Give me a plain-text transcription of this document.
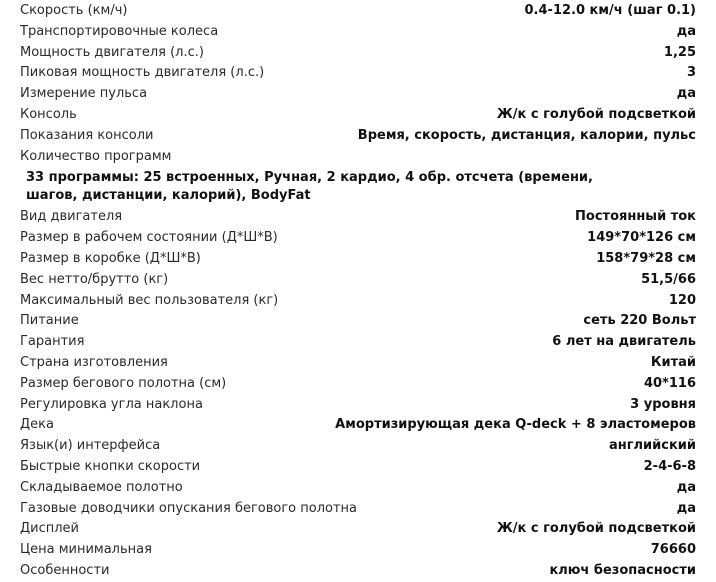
Скорость (км/ч)	0.4-12.0 км/ч (шаг 0.1)
Транспортировочные колеса	да
Мощность двигателя (л.с.)	1,25
Пиковая мощность двигателя (л.с.)	3
Измерение пульса	да
Консоль	Ж/к с голубой подсветкой
Показания консоли	Время, скорость, дистанция, калории, пульс
Количество программ
33 программы: 25 встроенных, Ручная, 2 кардио, 4 обр. отсчета (времени, шагов, дистанции, калорий), BodyFat
Вид двигателя	Постоянный ток
Размер в рабочем состоянии (Д*Ш*В)	149*70*126 см
Размер в коробке (Д*Ш*В)	158*79*28 см
Вес нетто/брутто (кг)	51,5/66
Максимальный вес пользователя (кг)	120
Питание	сеть 220 Вольт
Гарантия	6 лет на двигатель
Страна изготовления	Китай
Размер бегового полотна (см)	40*116
Регулировка угла наклона	3 уровня
Дека	Амортизирующая дека Q-deck + 8 эластомеров
Язык(и) интерфейса	английский
Быстрые кнопки скорости	2-4-6-8
Складываемое полотно	да
Газовые доводчики опускания бегового полотна	да
Дисплей	Ж/к с голубой подсветкой
Цена минимальная	76660
Особенности	ключ безопасности
